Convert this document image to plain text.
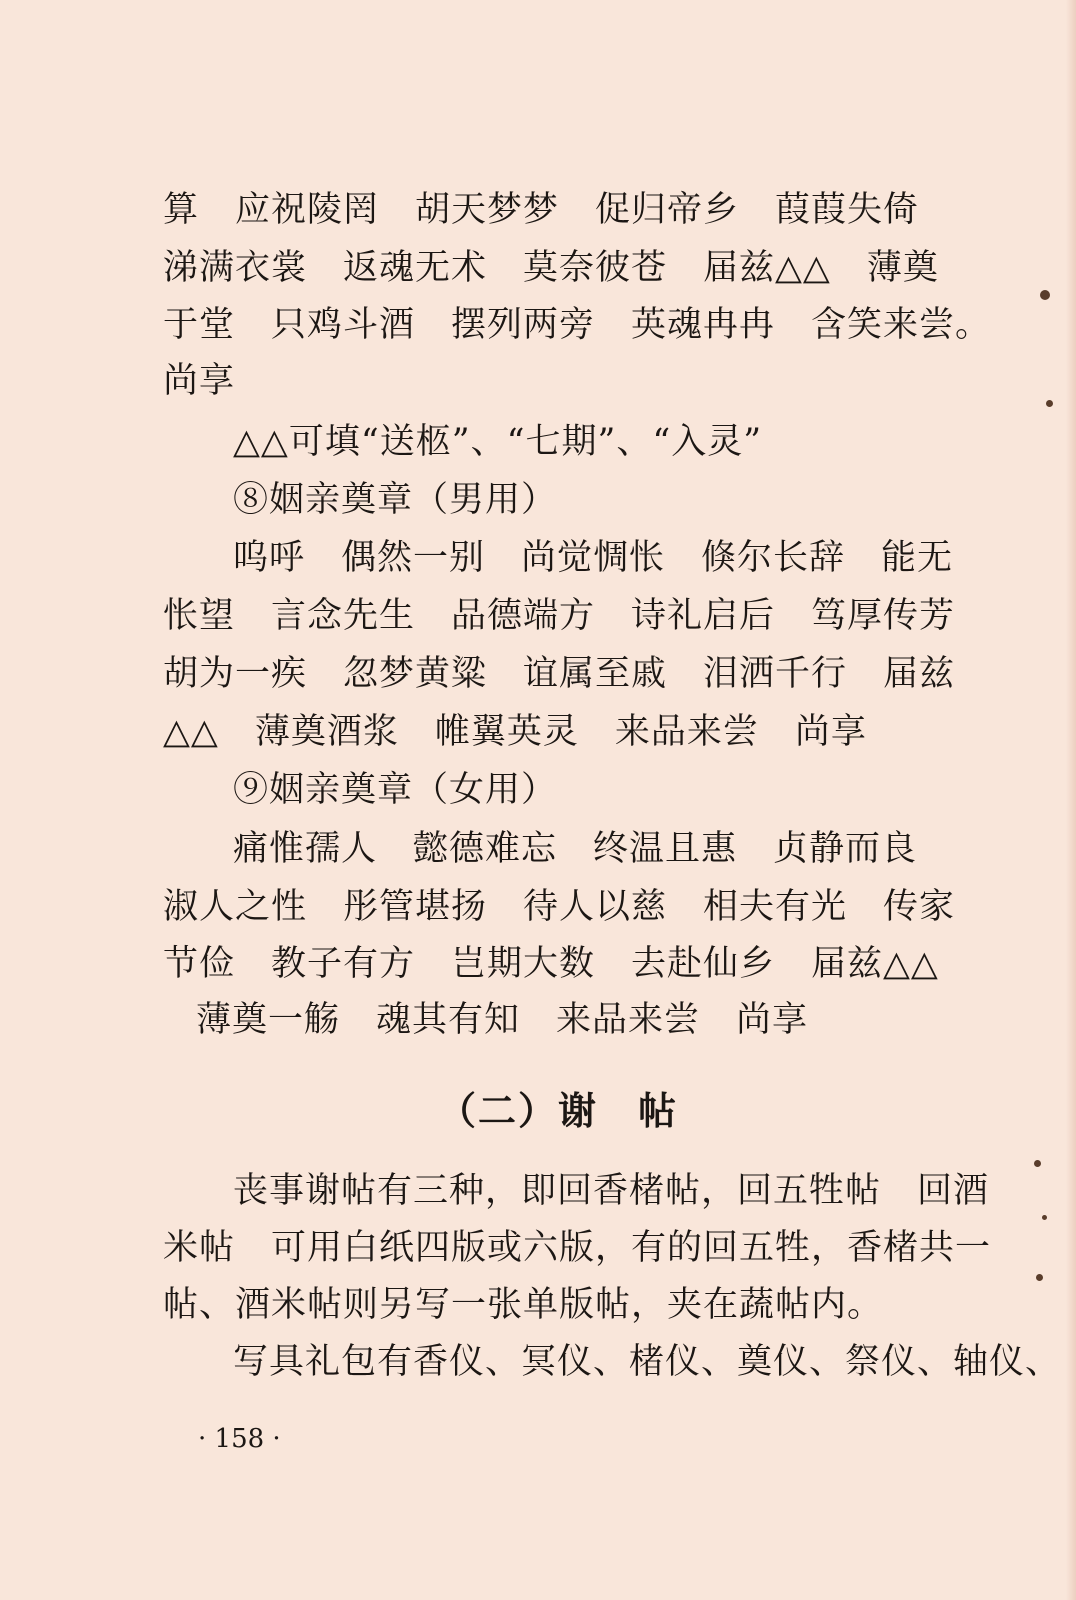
算　应祝陵罔　胡天梦梦　促归帝乡　葭葭失倚
涕满衣裳　返魂无术　莫奈彼苍　届兹△△　薄奠
于堂　只鸡斗酒　摆列两旁　英魂冉冉　含笑来尝。
尚享
△△可填“送柩”、“七期”、“入灵”
⑧姻亲奠章（男用）
呜呼　偶然一别　尚觉惆怅　倏尔长辞　能无
怅望　言念先生　品德端方　诗礼启后　笃厚传芳
胡为一疾　忽梦黄粱　谊属至戚　泪洒千行　届兹
△△　薄奠酒浆　帷翼英灵　来品来尝　尚享
⑨姻亲奠章（女用）
痛惟孺人　懿德难忘　终温且惠　贞静而良
淑人之性　彤管堪扬　待人以慈　相夫有光　传家
节俭　教子有方　岂期大数　去赴仙乡　届兹△△
薄奠一觞　魂其有知　来品来尝　尚享
（二）谢　帖
丧事谢帖有三种，即回香楮帖，回五牲帖　回酒
米帖　可用白纸四版或六版，有的回五牲，香楮共一
帖、酒米帖则另写一张单版帖，夹在蔬帖内。
写具礼包有香仪、冥仪、楮仪、奠仪、祭仪、轴仪、
· 158 ·
